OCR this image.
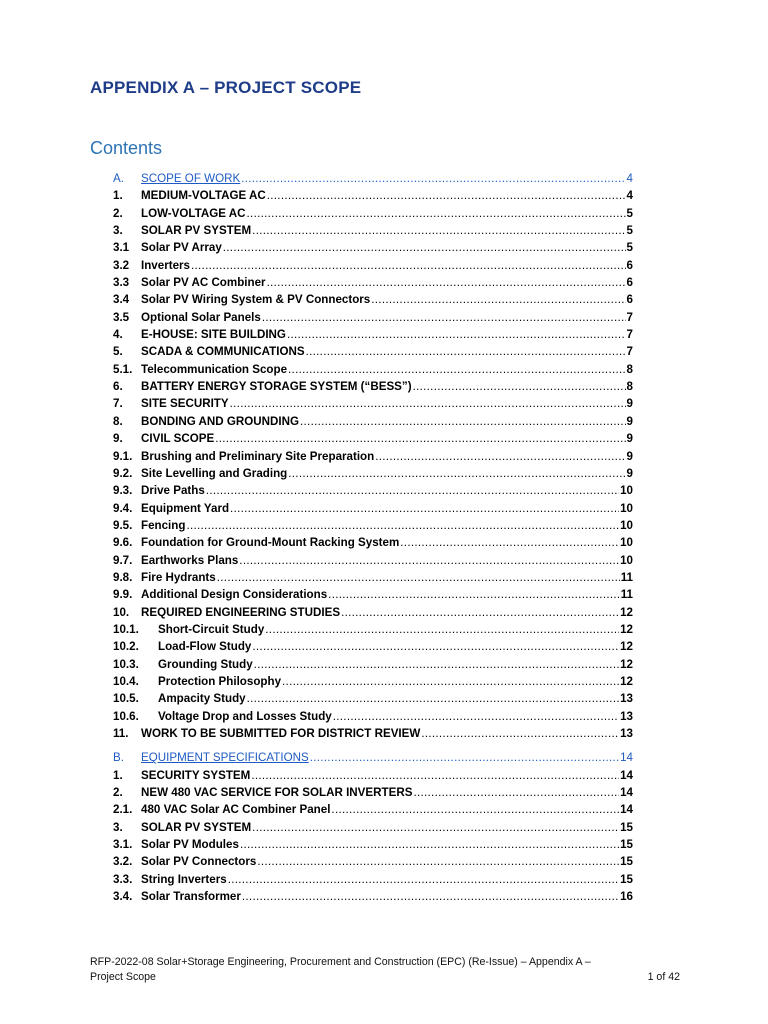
APPENDIX A – PROJECT SCOPE
Contents
A.	SCOPE OF WORK .....	4
1.	MEDIUM-VOLTAGE AC .....	4
2.	LOW-VOLTAGE AC .....	5
3.	SOLAR PV SYSTEM .....	5
3.1	Solar PV Array .....	5
3.2	Inverters .....	6
3.3	Solar PV AC Combiner .....	6
3.4	Solar PV Wiring System & PV Connectors .....	6
3.5	Optional Solar Panels .....	7
4.	E-HOUSE: SITE BUILDING .....	7
5.	SCADA & COMMUNICATIONS .....	7
5.1. Telecommunication Scope .....	8
6.	BATTERY ENERGY STORAGE SYSTEM (“BESS”) .....	8
7.	SITE SECURITY .....	9
8.	BONDING AND GROUNDING .....	9
9.	CIVIL SCOPE .....	9
9.1. Brushing and Preliminary Site Preparation .....	9
9.2. Site Levelling and Grading .....	9
9.3. Drive Paths .....	10
9.4. Equipment Yard .....	10
9.5. Fencing .....	10
9.6. Foundation for Ground-Mount Racking System .....	10
9.7. Earthworks Plans .....	10
9.8. Fire Hydrants .....	11
9.9. Additional Design Considerations .....	11
10.	REQUIRED ENGINEERING STUDIES .....	12
10.1.	Short-Circuit Study .....	12
10.2.	Load-Flow Study .....	12
10.3.	Grounding Study .....	12
10.4.	Protection Philosophy .....	12
10.5.	Ampacity Study .....	13
10.6.	Voltage Drop and Losses Study .....	13
11.	WORK TO BE SUBMITTED FOR DISTRICT REVIEW .....	13
B.	EQUIPMENT SPECIFICATIONS .....	14
1.	SECURITY SYSTEM .....	14
2.	NEW 480 VAC SERVICE FOR SOLAR INVERTERS .....	14
2.1. 480 VAC Solar AC Combiner Panel .....	14
3.	SOLAR PV SYSTEM .....	15
3.1. Solar PV Modules .....	15
3.2. Solar PV Connectors .....	15
3.3. String Inverters .....	15
3.4. Solar Transformer .....	16
RFP-2022-08 Solar+Storage Engineering, Procurement and Construction (EPC) (Re-Issue) – Appendix A –
Project Scope	1 of 42
